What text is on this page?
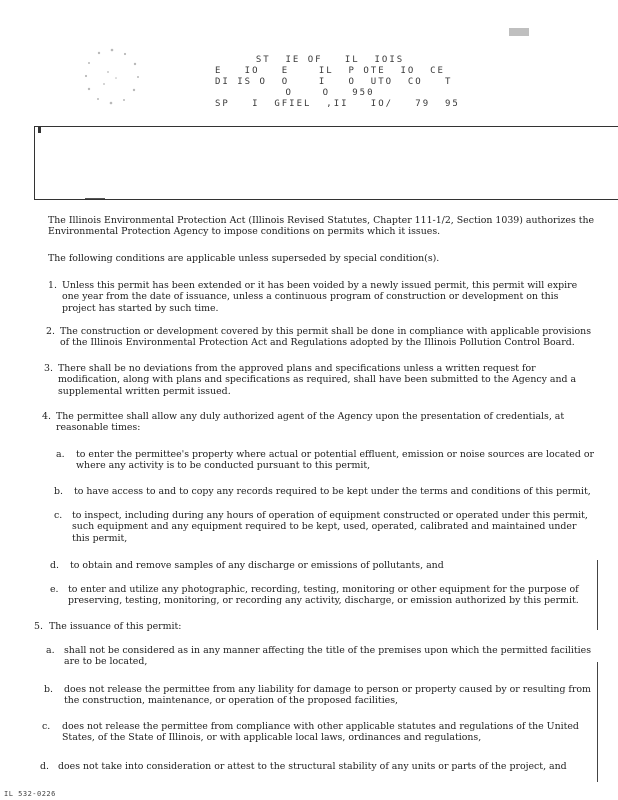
ST  IE OF   IL  IOIS
E   IO   E    IL  P OTE  IO  CE
DI IS O  O    I   O  UTO  CO   T
O    O   950
SP   I  GFIEL  ,II   IO/   79  95

The Illinois Environmental Protection Act (Illinois Revised Statutes, Chapter 111-1/2, Section 1039) authorizes the Environmental Protection Agency to impose conditions on permits which it issues.

The following conditions are applicable unless superseded by special condition(s).

1. Unless this permit has been extended or it has been voided by a newly issued permit, this permit will expire one year from the date of issuance, unless a continuous program of construction or development on this project has started by such time.

2. The construction or development covered by this permit shall be done in compliance with applicable provisions of the Illinois Environmental Protection Act and Regulations adopted by the Illinois Pollution Control Board.

3. There shall be no deviations from the approved plans and specifications unless a written request for modification, along with plans and specifications as required, shall have been submitted to the Agency and a supplemental written permit issued.

4. The permittee shall allow any duly authorized agent of the Agency upon the presentation of credentials, at reasonable times:

a. to enter the permittee's property where actual or potential effluent, emission or noise sources are located or where any activity is to be conducted pursuant to this permit,

b. to have access to and to copy any records required to be kept under the terms and conditions of this permit,

c. to inspect, including during any hours of operation of equipment constructed or operated under this permit, such equipment and any equipment required to be kept, used, operated, calibrated and maintained under this permit,

d. to obtain and remove samples of any discharge or emissions of pollutants, and

e. to enter and utilize any photographic, recording, testing, monitoring or other equipment for the purpose of preserving, testing, monitoring, or recording any activity, discharge, or emission authorized by this permit.

5. The issuance of this permit:

a. shall not be considered as in any manner affecting the title of the premises upon which the permitted facilities are to be located,

b. does not release the permittee from any liability for damage to person or property caused by or resulting from the construction, maintenance, or operation of the proposed facilities,

c. does not release the permittee from compliance with other applicable statutes and regulations of the United States, of the State of Illinois, or with applicable local laws, ordinances and regulations,

d. does not take into consideration or attest to the structural stability of any units or parts of the project, and

IL 532-0226
